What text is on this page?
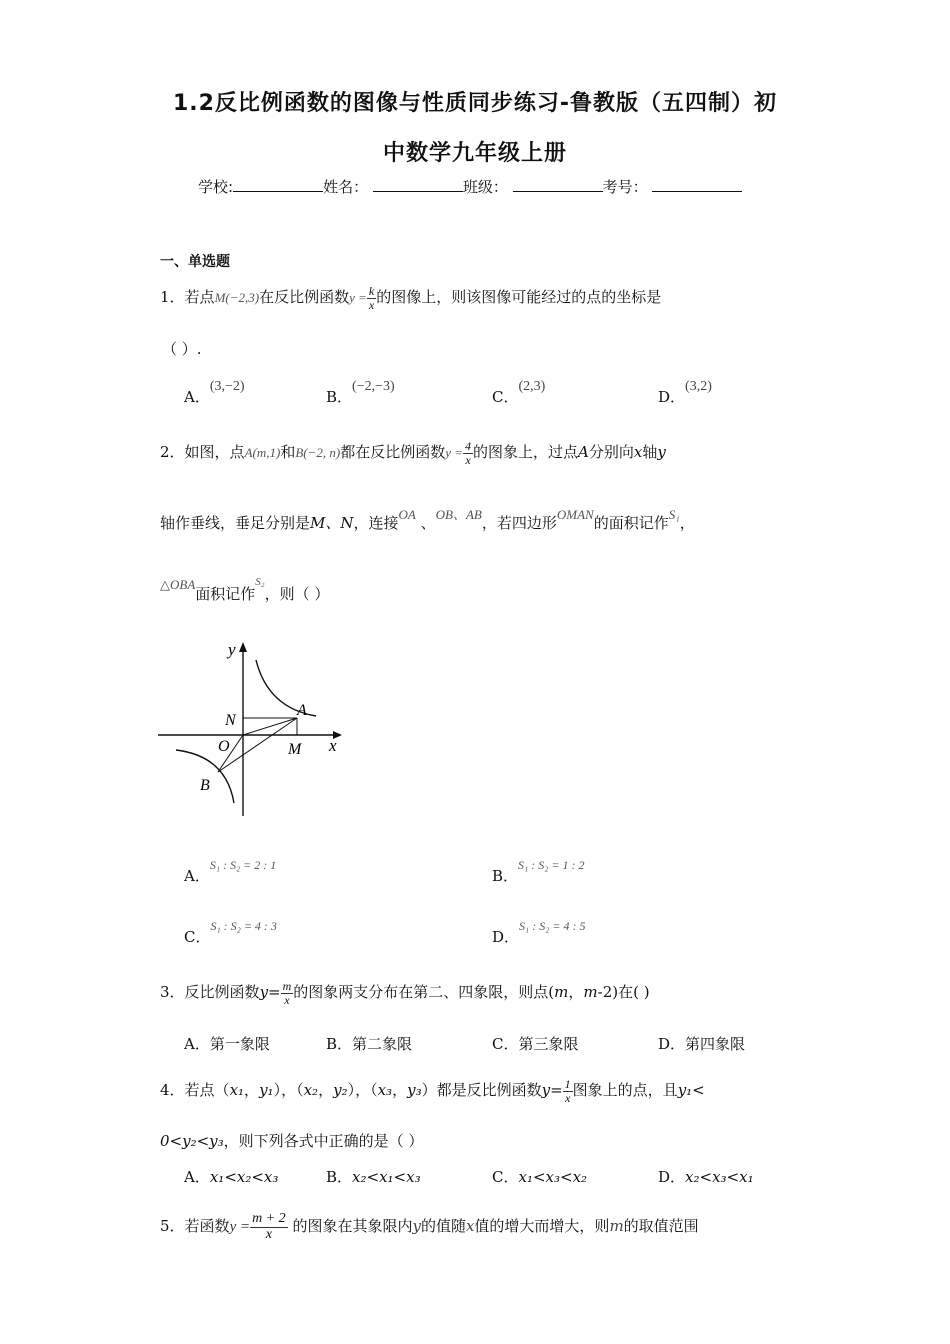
1.2反比例函数的图像与性质同步练习-鲁教版（五四制）初
中数学九年级上册
学校:	姓名：	班级：	考号：
一、单选题
1．若点M(−2,3)在反比例函数$y = \frac{k}{x}$ 的图像上，则该图像可能经过的点的坐标是
（ ）.
A．(3,−2)
B．(−2,−3)
C．(2,3)
D．(3,2)
2．如图，点A(m,1)和B(−2, n)都在反比例函数$y = \frac{4}{x}$ 的图象上，过点A分别向x轴y
轴作垂线，垂足分别是M、N，连接OA 、OB、AB，若四边形OMAN的面积记作S₁，
△OBA面积记作$^{S_2}$，则（ ）
y
x
N
A
O	M
B
A．$^{S_1 : S_2 = 2 : 1}$
B．$^{S_1 : S_2 = 1 : 2}$
C．$^{S_1 : S_2 = 4 : 3}$
D．$^{S_1 : S_2 = 4 : 5}$
3．反比例函数$y= \frac{m}{x}$ 的图象两支分布在第二、四象限，则点(m，m-2)在( )
A．第一象限	B．第二象限	C．第三象限	D．第四象限
4．若点（x₁，y₁），（x₂，y₂），（x₃，y₃）都是反比例函数$y= \frac{1}{x}$ 图象上的点，且y₁<
0<y₂<y₃，则下列各式中正确的是（ ）
A．x₁<x₂<x₃	B．x₂<x₁<x₃	C．x₁<x₃<x₂	D．x₂<x₃<x₁
5．若函数$y = \frac{m + 2}{x}$ 的图象在其象限内y的值随x值的增大而增大，则m的取值范围
